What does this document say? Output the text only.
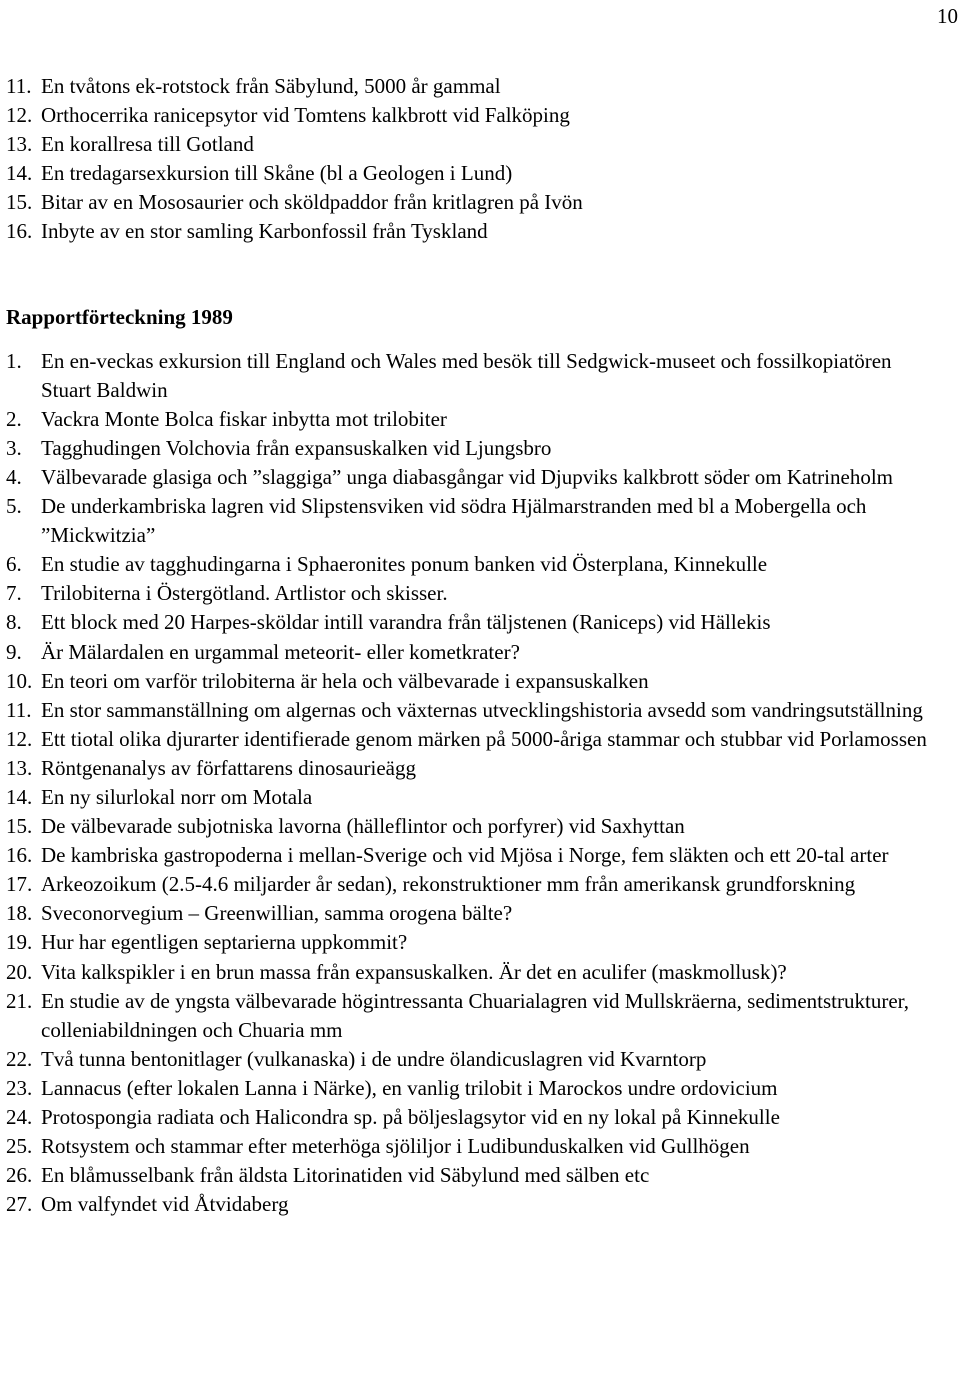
10
11. En tvåtons ek-rotstock från Säbylund, 5000 år gammal
12. Orthocerrika ranicepsytor vid Tomtens kalkbrott vid Falköping
13. En korallresa till Gotland
14. En tredagarsexkursion till Skåne (bl a Geologen i Lund)
15. Bitar av en Mososaurier och sköldpaddor från kritlagren på Ivön
16. Inbyte av en stor samling Karbonfossil från Tyskland
Rapportförteckning 1989
1. En en-veckas exkursion till England och Wales med besök till Sedgwick-museet och fossilkopiatören Stuart Baldwin
2. Vackra Monte Bolca fiskar inbytta mot trilobiter
3. Tagghudingen Volchovia från expansuskalken vid Ljungsbro
4. Välbevarade glasiga och ”slaggiga” unga diabasgångar vid Djupviks kalkbrott söder om Katrineholm
5. De underkambriska lagren vid Slipstensviken vid södra Hjälmarstranden med bl a Mobergella och ”Mickwitzia”
6. En studie av tagghudingarna i Sphaeronites ponum banken vid Österplana, Kinnekulle
7. Trilobiterna i Östergötland. Artlistor och skisser.
8. Ett block med 20 Harpes-sköldar intill varandra från täljstenen (Raniceps) vid Hällekis
9. Är Mälardalen en urgammal meteorit- eller kometkrater?
10. En teori om varför trilobiterna är hela och välbevarade i expansuskalken
11. En stor sammanställning om algernas och växternas utvecklingshistoria avsedd som vandringsutställning
12. Ett tiotal olika djurarter identifierade genom märken på 5000-åriga stammar och stubbar vid Porlamossen
13. Röntgenanalys av författarens dinosaurieägg
14. En ny silurlokal norr om Motala
15. De välbevarade subjotniska lavorna (hälleflintor och porfyrer) vid Saxhyttan
16. De kambriska gastropoderna i mellan-Sverige och vid Mjösa i Norge, fem släkten och ett 20-tal arter
17. Arkeozoikum (2.5-4.6 miljarder år sedan), rekonstruktioner mm från amerikansk grundforskning
18. Sveconorvegium – Greenwillian, samma orogena bälte?
19. Hur har egentligen septarierna uppkommit?
20. Vita kalkspikler i en brun massa från expansuskalken. Är det en aculifer (maskmollusk)?
21. En studie av de yngsta välbevarade högintressanta Chuarialagren vid Mullskräerna, sedimentstrukturer, colleniabildningen och Chuaria mm
22. Två tunna bentonitlager (vulkanaska) i de undre ölandicuslagren vid Kvarntorp
23. Lannacus (efter lokalen Lanna i Närke), en vanlig trilobit i Marockos undre ordovicium
24. Protospongia radiata och Halicondra sp. på böljeslagsytor vid en ny lokal på Kinnekulle
25. Rotsystem och stammar efter meterhöga sjöliljor i Ludibunduskalken vid Gullhögen
26. En blåmusselbank från äldsta Litorinatiden vid Säbylund med sälben etc
27. Om valfyndet vid Åtvidaberg
